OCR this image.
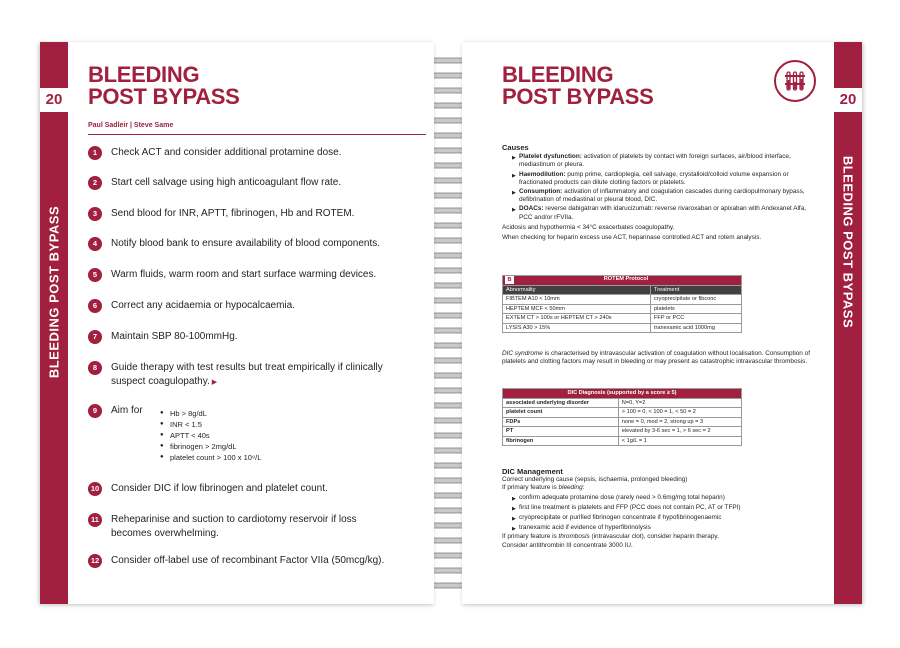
20
BLEEDING POST BYPASS
BLEEDING
POST BYPASS
Paul Sadleir | Steve Same
1	Check ACT and consider additional protamine dose.
2	Start cell salvage using high anticoagulant flow rate.
3	Send blood for INR, APTT, fibrinogen, Hb and ROTEM.
4	Notify blood bank to ensure availability of blood components.
5	Warm fluids, warm room and start surface warming devices.
6	Correct any acidaemia or hypocalcaemia.
7	Maintain SBP 80-100mmHg.
8	Guide therapy with test results but treat empirically if clinically suspect coagulopathy. ▶
9	Aim for	● Hb > 8g/dL
● INR < 1.5
● APTT < 40s
● fibrinogen > 2mg/dL
● platelet count > 100 x 10⁹/L
10 Consider DIC if low fibrinogen and platelet count.
11	Reheparinise and suction to cardiotomy reservoir if loss becomes overwhelming.
12 Consider off-label use of recombinant Factor VIIa (50mcg/kg).
20
BLEEDING POST BYPASS
BLEEDING
POST BYPASS
Causes
▶ Platelet dysfunction: activation of platelets by contact with foreign surfaces, air/blood interface, mediastinum or pleura.
▶ Haemodilution: pump prime, cardioplegia, cell salvage, crystalloid/colloid volume expansion or fractionated products can dilute clotting factors or platelets.
▶ Consumption: activation of inflammatory and coagulation cascades during cardiopulmonary bypass, defibrination of mediastinal or pleural blood, DIC.
▶ DOACs: reverse dabigatran with idarucizumab: reverse rivaroxaban or apixaban with Andexanet Alfa, PCC and/or rFVIIa.
Acidosis and hypothermia < 34°C exacerbates coagulopathy.
When checking for heparin excess use ACT, heparinase controlled ACT and rotem analysis.
B ROTEM Protocol	
Abnormality	Treatment
FIBTEM A10 < 10mm	cryoprecipitate or fibconc
HEPTEM MCF < 50mm	platelets
EXTEM CT > 100s or HEPTEM CT > 240s	FFP or PCC
LYSIS A30 > 15%	tranexamic acid 1000mg
DIC syndrome is characterised by intravascular activation of coagulation without localisation. Consumption of platelets and clotting factors may result in bleeding or may present as catastrophic intravascular thrombosis.
DIC Diagnosis (supported by a score ≥ 5)	
associated underlying disorder	N=0, Y=2
platelet count	> 100 = 0, < 100 = 1, < 50 = 2
FDPs	none = 0, mod = 2, strong up = 3
PT	elevated by 3-6 sec = 1, > 6 sec = 2
fibrinogen	< 1g/L = 1
DIC Management
Correct underlying cause (sepsis, ischaemia, prolonged bleeding)
If primary feature is bleeding:
▶ confirm adequate protamine dose (rarely need > 0.6mg/mg total heparin)
▶ first line treatment is platelets and FFP (PCC does not contain PC, AT or TFPI)
▶ cryoprecipitate or purified fibrinogen concentrate if hypofibrinogenaemic
▶ tranexamic acid if evidence of hyperfibrinolysis
If primary feature is thrombosis (intravascular clot), consider heparin therapy.
Consider antithrombin III concentrate 3000 IU.
